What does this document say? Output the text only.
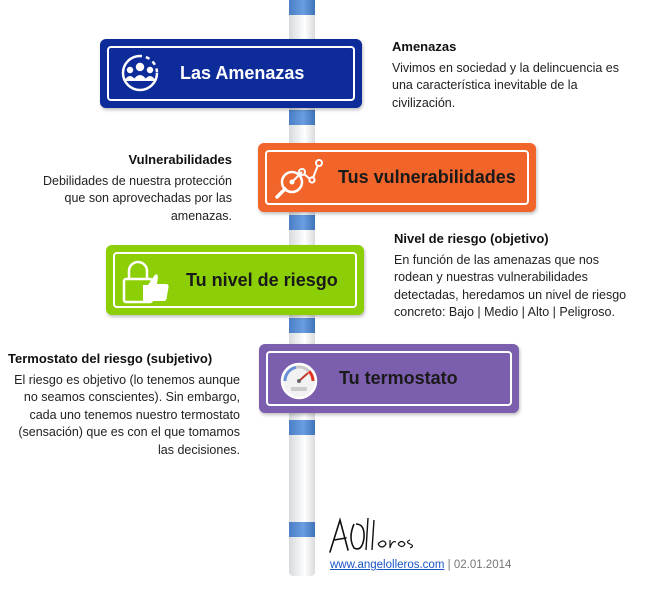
Las Amenazas
Tus vulnerabilidades
Tu nivel de riesgo
Tu termostato
Amenazas
Vivimos en sociedad y la delincuencia es una característica inevitable de la civilización.
Vulnerabilidades
Debilidades de nuestra protección que son aprovechadas por las amenazas.
Nivel de riesgo (objetivo)
En función de las amenazas que nos rodean y nuestras vulnerabilidades detectadas, heredamos un nivel de riesgo concreto: Bajo | Medio | Alto | Peligroso.
Termostato del riesgo (subjetivo)
El riesgo es objetivo (lo tenemos aunque no seamos conscientes). Sin embargo, cada uno tenemos nuestro termostato (sensación) que es con el que tomamos las decisiones.
www.angelolleros.com | 02.01.2014
